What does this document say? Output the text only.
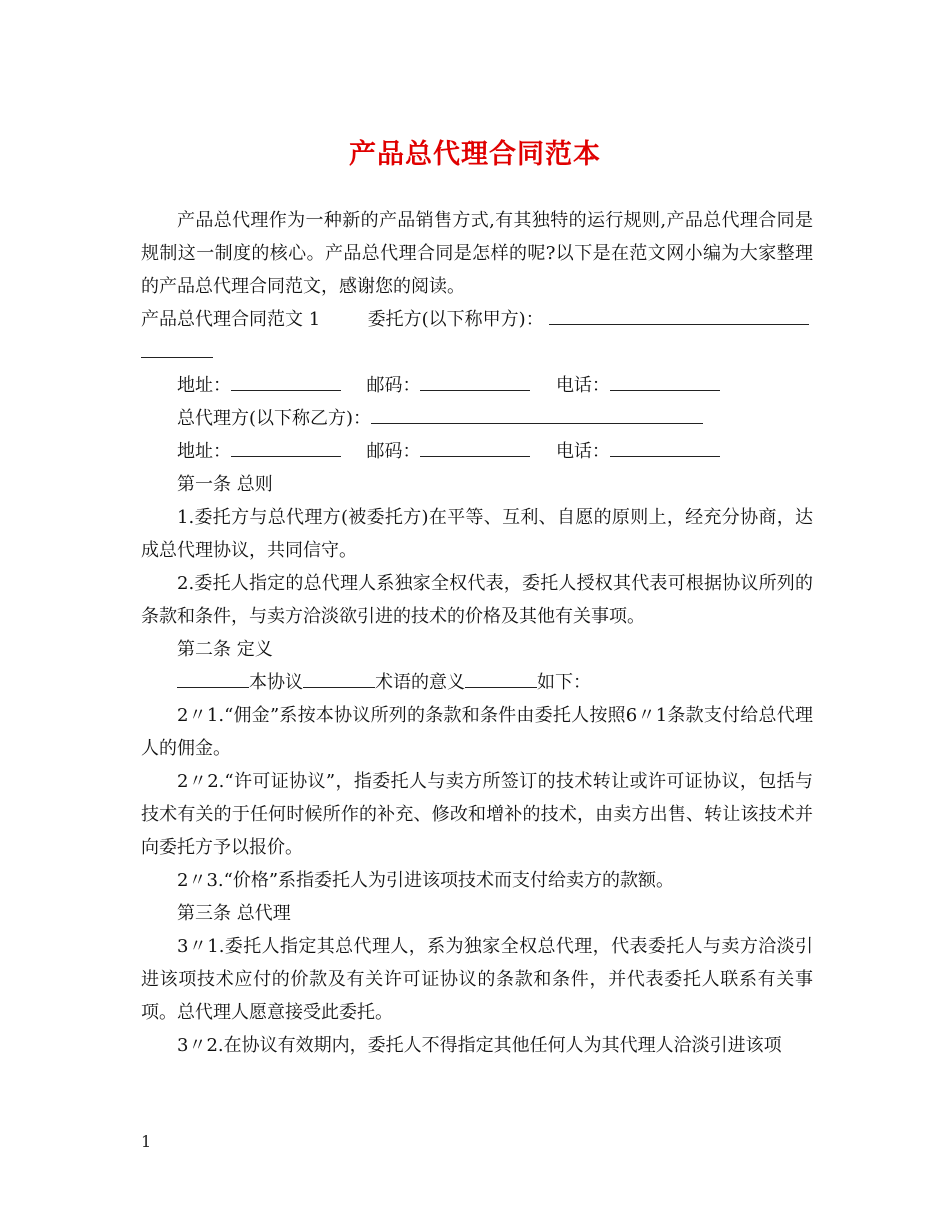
产品总代理合同范本

产品总代理作为一种新的产品销售方式,有其独特的运行规则,产品总代理合同是规制这一制度的核心。产品总代理合同是怎样的呢?以下是在范文网小编为大家整理的产品总代理合同范文，感谢您的阅读。

产品总代理合同范文 1	委托方(以下称甲方)：

地址：	邮码：	电话：

总代理方(以下称乙方)：

地址：	邮码：	电话：

第一条 总则

1.委托方与总代理方(被委托方)在平等、互利、自愿的原则上，经充分协商，达成总代理协议，共同信守。

2.委托人指定的总代理人系独家全权代表，委托人授权其代表可根据协议所列的条款和条件，与卖方洽淡欲引进的技术的价格及其他有关事项。

第二条 定义

本协议	术语的意义	如下：

2〃1.“佣金”系按本协议所列的条款和条件由委托人按照6〃1条款支付给总代理人的佣金。

2〃2.“许可证协议”，指委托人与卖方所签订的技术转让或许可证协议，包括与技术有关的于任何时候所作的补充、修改和增补的技术，由卖方出售、转让该技术并向委托方予以报价。

2〃3.“价格”系指委托人为引进该项技术而支付给卖方的款额。

第三条 总代理

3〃1.委托人指定其总代理人，系为独家全权总代理，代表委托人与卖方洽淡引进该项技术应付的价款及有关许可证协议的条款和条件，并代表委托人联系有关事项。总代理人愿意接受此委托。

3〃2.在协议有效期内，委托人不得指定其他任何人为其代理人洽淡引进该项

1
